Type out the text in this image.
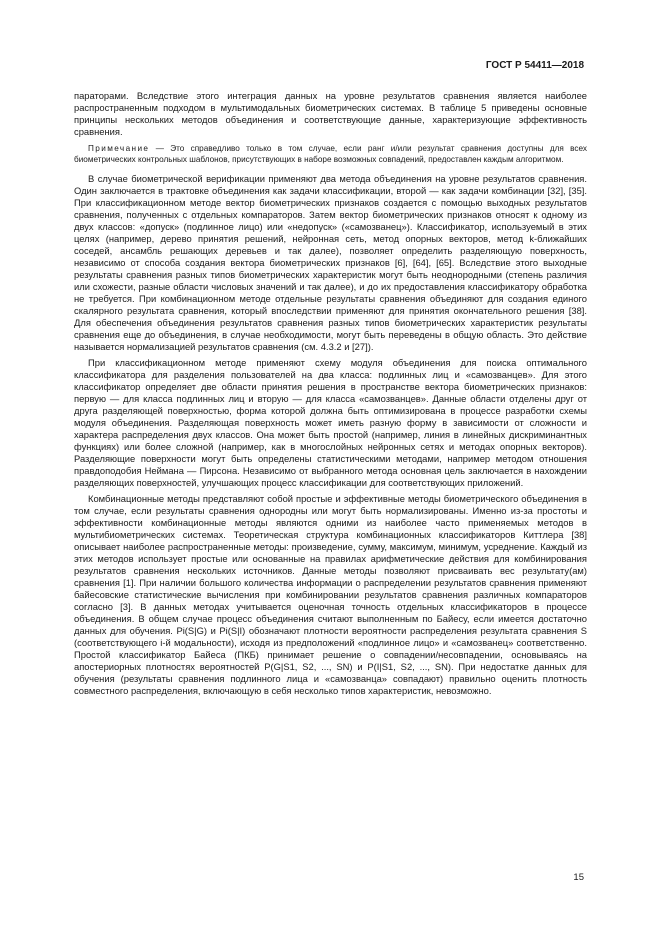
ГОСТ Р 54411—2018

параторами. Вследствие этого интеграция данных на уровне результатов сравнения является наиболее распространенным подходом в мультимодальных биометрических системах. В таблице 5 приведены основные принципы нескольких методов объединения и соответствующие данные, характеризующие эффективность сравнения.

Примечание — Это справедливо только в том случае, если ранг и/или результат сравнения доступны для всех биометрических контрольных шаблонов, присутствующих в наборе возможных совпадений, предоставлен каждым алгоритмом.

В случае биометрической верификации применяют два метода объединения на уровне результатов сравнения. Один заключается в трактовке объединения как задачи классификации, второй — как задачи комбинации [32], [35]. При классификационном методе вектор биометрических признаков создается с помощью выходных результатов сравнения, полученных с отдельных компараторов. Затем вектор биометрических признаков относят к одному из двух классов: «допуск» (подлинное лицо) или «недопуск» («самозванец»). Классификатор, используемый в этих целях (например, дерево принятия решений, нейронная сеть, метод опорных векторов, метод k-ближайших соседей, ансамбль решающих деревьев и так далее), позволяет определить разделяющую поверхность, независимо от способа создания вектора биометрических признаков [6], [64], [65]. Вследствие этого выходные результаты сравнения разных типов биометрических характеристик могут быть неоднородными (степень различия или схожести, разные области числовых значений и так далее), и до их предоставления классификатору обработка не требуется. При комбинационном методе отдельные результаты сравнения объединяют для создания единого скалярного результата сравнения, который впоследствии применяют для принятия окончательного решения [38]. Для обеспечения объединения результатов сравнения разных типов биометрических характеристик результаты сравнения еще до объединения, в случае необходимости, могут быть переведены в общую область. Это действие называется нормализацией результатов сравнения (см. 4.3.2 и [27]).

При классификационном методе применяют схему модуля объединения для поиска оптимального классификатора для разделения пользователей на два класса: подлинных лиц и «самозванцев». Для этого классификатор определяет две области принятия решения в пространстве вектора биометрических признаков: первую — для класса подлинных лиц и вторую — для класса «самозванцев». Данные области отделены друг от друга разделяющей поверхностью, форма которой должна быть оптимизирована в процессе разработки схемы модуля объединения. Разделяющая поверхность может иметь разную форму в зависимости от сложности и характера распределения двух классов. Она может быть простой (например, линия в линейных дискриминантных функциях) или более сложной (например, как в многослойных нейронных сетях и методах опорных векторов). Разделяющие поверхности могут быть определены статистическими методами, например методом отношения правдоподобия Неймана — Пирсона. Независимо от выбранного метода основная цель заключается в нахождении разделяющих поверхностей, улучшающих процесс классификации для соответствующих приложений.

Комбинационные методы представляют собой простые и эффективные методы биометрического объединения в том случае, если результаты сравнения однородны или могут быть нормализированы. Именно из-за простоты и эффективности комбинационные методы являются одними из наиболее часто применяемых методов в мультибиометрических системах. Теоретическая структура комбинационных классификаторов Киттлера [38] описывает наиболее распространенные методы: произведение, сумму, максимум, минимум, усреднение. Каждый из этих методов использует простые или основанные на правилах арифметические действия для комбинирования результатов сравнения нескольких источников. Данные методы позволяют присваивать вес результату(ам) сравнения [1]. При наличии большого количества информации о распределении результатов сравнения применяют байесовские статистические вычисления при комбинировании результатов сравнения различных компараторов согласно [3]. В данных методах учитывается оценочная точность отдельных классификаторов в процессе объединения. В общем случае процесс объединения считают выполненным по Байесу, если имеется достаточно данных для обучения. Pi(S|G) и Pi(S|I) обозначают плотности вероятности распределения результата сравнения S (соответствующего i-й модальности), исходя из предположений «подлинное лицо» и «самозванец» соответственно. Простой классификатор Байеса (ПКБ) принимает решение о совпадении/несовпадении, основываясь на апостериорных плотностях вероятностей P(G|S1, S2, ..., SN) и P(I|S1, S2, ..., SN). При недостатке данных для обучения (результаты сравнения подлинного лица и «самозванца» совпадают) правильно оценить плотность совместного распределения, включающую в себя несколько типов характеристик, невозможно.

15
